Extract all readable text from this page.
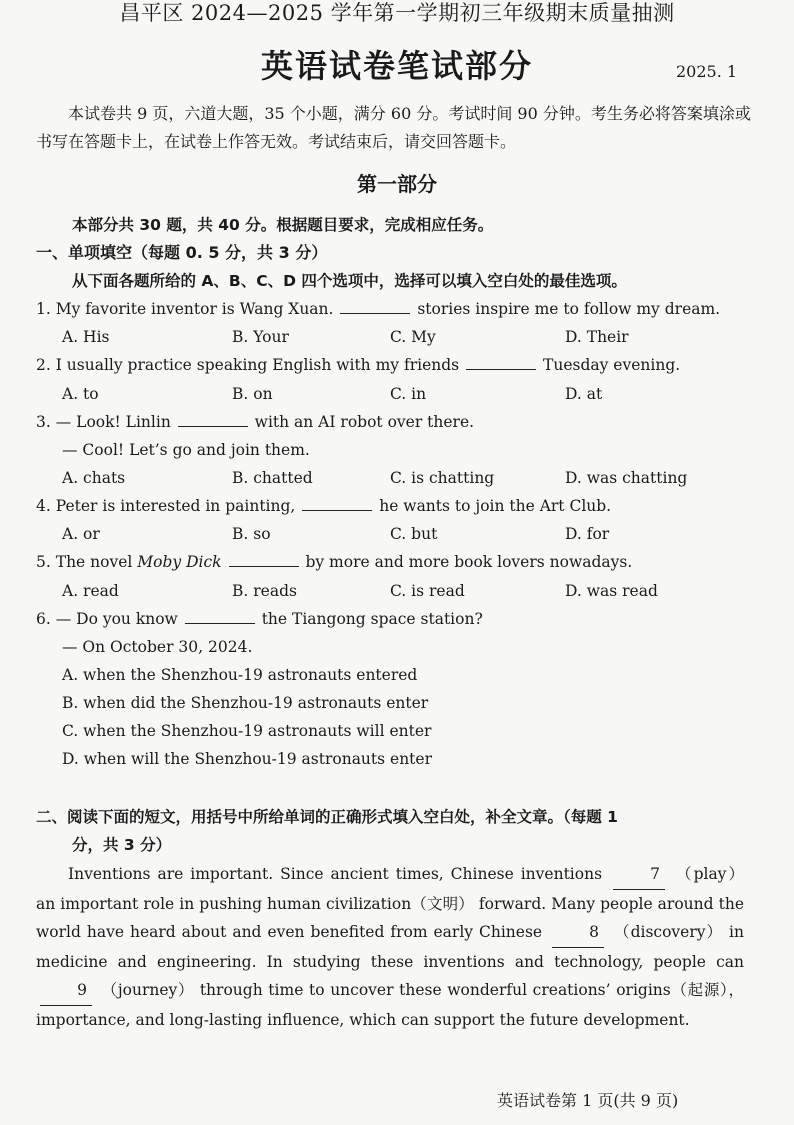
昌平区 2024—2025 学年第一学期初三年级期末质量抽测
英语试卷笔试部分	2025. 1
本试卷共 9 页，六道大题，35 个小题，满分 60 分。考试时间 90 分钟。考生务必将答案填涂或书写在答题卡上，在试卷上作答无效。考试结束后，请交回答题卡。
第一部分
本部分共 30 题，共 40 分。根据题目要求，完成相应任务。
一、单项填空（每题 0. 5 分，共 3 分）
从下面各题所给的 A、B、C、D 四个选项中，选择可以填入空白处的最佳选项。
1. My favorite inventor is Wang Xuan.	stories inspire me to follow my dream.
A. His	B. Your	C. My	D. Their
2. I usually practice speaking English with my friends	Tuesday evening.
A. to	B. on	C. in	D. at
3. — Look! Linlin	with an AI robot over there.
— Cool! Let’s go and join them.
A. chats	B. chatted	C. is chatting	D. was chatting
4. Peter is interested in painting,	he wants to join the Art Club.
A. or	B. so	C. but	D. for
5. The novel Moby Dick	by more and more book lovers nowadays.
A. read	B. reads	C. is read	D. was read
6. — Do you know	the Tiangong space station?
— On October 30, 2024.
A. when the Shenzhou-19 astronauts entered
B. when did the Shenzhou-19 astronauts enter
C. when the Shenzhou-19 astronauts will enter
D. when will the Shenzhou-19 astronauts enter
二、阅读下面的短文，用括号中所给单词的正确形式填入空白处，补全文章。（每题 1
分，共 3 分）
Inventions are important. Since ancient times, Chinese inventions	7 （play） an important role in pushing human civilization（文明） forward. Many people around the world have heard about and even benefited from early Chinese	8 （discovery） in medicine and engineering. In studying these inventions and technology, people can 9 （journey） through time to uncover these wonderful creations’ origins（起源），importance, and long-lasting influence, which can support the future development.
英语试卷第 1 页(共 9 页)
